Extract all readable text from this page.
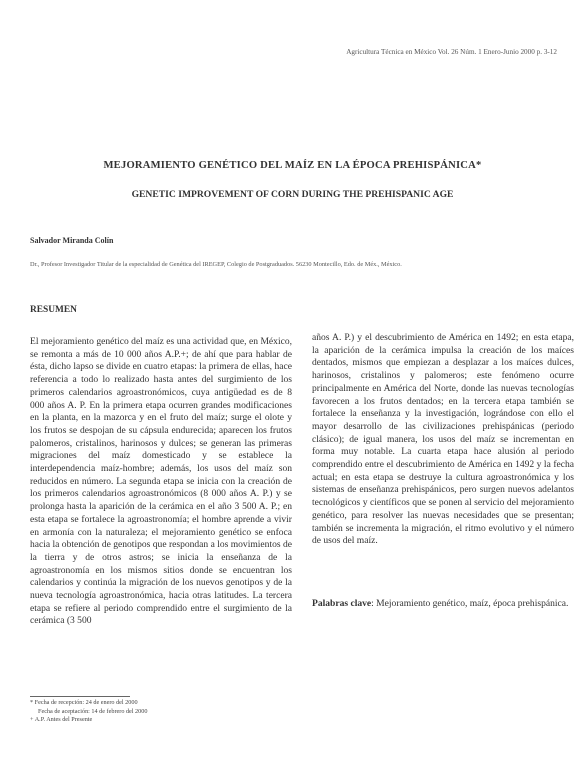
Agricultura Técnica en México Vol. 26 Núm. 1 Enero-Junio 2000 p. 3-12
MEJORAMIENTO GENÉTICO DEL MAÍZ EN LA ÉPOCA PREHISPÁNICA*
GENETIC IMPROVEMENT OF CORN DURING THE PREHISPANIC AGE
Salvador Miranda Colín
Dr., Profesor Investigador Titular de la especialidad de Genética del IREGEP, Colegio de Postgraduados. 56230 Montecillo, Edo. de Méx., México.
RESUMEN
El mejoramiento genético del maíz es una actividad que, en México, se remonta a más de 10 000 años A.P.+; de ahí que para hablar de ésta, dicho lapso se divide en cuatro etapas: la primera de ellas, hace referencia a todo lo realizado hasta antes del surgimiento de los primeros calendarios agroastronómicos, cuya antigüedad es de 8 000 años A. P. En la primera etapa ocurren grandes modificaciones en la planta, en la mazorca y en el fruto del maíz; surge el olote y los frutos se despojan de su cápsula endurecida; aparecen los frutos palomeros, cristalinos, harinosos y dulces; se generan las primeras migraciones del maíz domesticado y se establece la interdependencia maíz-hombre; además, los usos del maíz son reducidos en número. La segunda etapa se inicia con la creación de los primeros calendarios agroastronómicos (8 000 años A. P.) y se prolonga hasta la aparición de la cerámica en el año 3 500 A. P.; en esta etapa se fortalece la agroastronomía; el hombre aprende a vivir en armonía con la naturaleza; el mejoramiento genético se enfoca hacia la obtención de genotipos que respondan a los movimientos de la tierra y de otros astros; se inicia la enseñanza de la agroastronomía en los mismos sitios donde se encuentran los calendarios y continúa la migración de los nuevos genotipos y de la nueva tecnología agroastronómica, hacia otras latitudes. La tercera etapa se refiere al periodo comprendido entre el surgimiento de la cerámica (3 500
años A. P.) y el descubrimiento de América en 1492; en esta etapa, la aparición de la cerámica impulsa la creación de los maíces dentados, mismos que empiezan a desplazar a los maíces dulces, harinosos, cristalinos y palomeros; este fenómeno ocurre principalmente en América del Norte, donde las nuevas tecnologías favorecen a los frutos dentados; en la tercera etapa también se fortalece la enseñanza y la investigación, lográndose con ello el mayor desarrollo de las civilizaciones prehispánicas (periodo clásico); de igual manera, los usos del maíz se incrementan en forma muy notable. La cuarta etapa hace alusión al periodo comprendido entre el descubrimiento de América en 1492 y la fecha actual; en esta etapa se destruye la cultura agroastronómica y los sistemas de enseñanza prehispánicos, pero surgen nuevos adelantos tecnológicos y científicos que se ponen al servicio del mejoramiento genético, para resolver las nuevas necesidades que se presentan; también se incrementa la migración, el ritmo evolutivo y el número de usos del maíz.
Palabras clave: Mejoramiento genético, maíz, época prehispánica.
* Fecha de recepción: 24 de enero del 2000
Fecha de aceptación: 14 de febrero del 2000
+ A.P. Antes del Presente
